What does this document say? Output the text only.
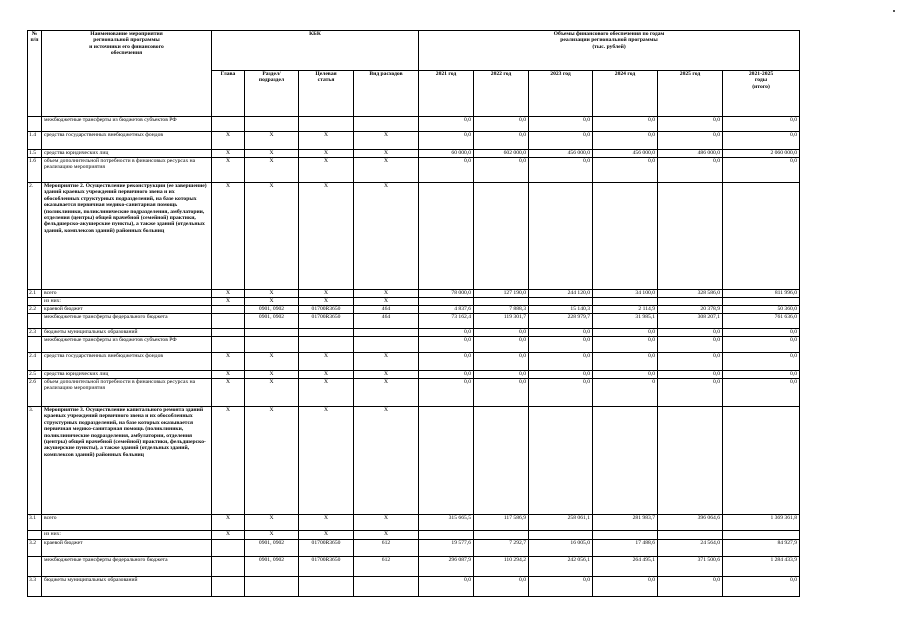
№
п/п	Наименование мероприятия
региональной программы
и источники его финансового
обеспечения	КБК				Объемы финансового обеспечения по годам
реализации региональной программы
(тыс. рублей)					
		Глава	Раздел/
подраздел	Целевая
статья	Вид расходов	2021 год	2022 год	2023 год	2024 год	2025 год	2021-2025
годы
(итого)
	межбюджетные трансферты из бюджетов субъектов РФ					0,0	0,0	0,0	0,0	0,0	0,0
1.4	средства государственных внебюджетных фондов	X	X	X	X	0,0	0,0	0,0	0,0	0,0	0,0
1.5	средства юридических лиц	X	X	X	X	60 000,0	602 000,0	456 000,0	456 000,0	486 000,0	2 060 000,0
1.6	объем дополнительной потребности в финансовых ресурсах на реализацию мероприятия	X	X	X	X	0,0	0,0	0,0	0,0	0,0	0,0
2.	Мероприятие 2. Осуществление реконструкции (ее завершение) зданий краевых учреждений первичного звена и их обособленных структурных подразделений, на базе которых оказывается первичная медико-санитарная помощь (поликлиники, поликлинические подразделения, амбулатории, отделения (центры) общей врачебной (семейной) практики, фельдшерско-акушерские пункты), а также зданий (отдельных зданий, комплексов зданий) районных больниц	X	X	X	X						
2.1	всего	X	X	X	X	78 000,0	127 190,0	244 120,0	34 100,0	328 586,0	811 996,0
	из них:	X	X	X	X						
2.2	краевой бюджет		0901, 0902	01700R3650	464	4 837,6	7 888,3	15 140,3	2 114,9	20 378,9	50 360,0
	межбюджетные трансферты федерального бюджета		0901, 0902	01700R3650	464	73 162,4	119 301,7	228 979,7	31 985,1	308 207,1	761 636,0
2.3	бюджеты муниципальных образований					0,0	0,0	0,0	0,0	0,0	0,0
	межбюджетные трансферты из бюджетов субъектов РФ					0,0	0,0	0,0	0,0	0,0	0,0
2.4	средства государственных внебюджетных фондов	X	X	X	X	0,0	0,0	0,0	0,0	0,0	0,0
2.5	средства юридических лиц	X	X	X	X	0,0	0,0	0,0	0,0	0,0	0,0
2.6	объем дополнительной потребности в финансовых ресурсах на реализацию мероприятия	X	X	X	X	0,0	0,0	0,0	0	0,0	0,0
3.	Мероприятие 3. Осуществление капитального ремонта зданий краевых учреждений первичного звена и их обособленных структурных подразделений, на базе которых оказывается первичная медико-санитарная помощь (поликлиники, поликлинические подразделения, амбулатории, отделения (центры) общей врачебной (семейной) практики, фельдшерско-акушерские пункты), а также зданий (отдельных зданий, комплексов зданий) районных больниц	X	X	X	X						
3.1	всего	X	X	X	X	315 665,5	117 586,9	258 061,1	281 983,7	396 064,6	1 369 361,8
	из них:	X	X	X	X						
3.2	краевой бюджет		0901, 0902	01700R3650	612	19 577,6	7 292,7	16 005,0	17 488,6	24 564,0	84 927,9
	межбюджетные трансферты федерального бюджета		0901, 0902	01700R3650	612	296 087,9	110 294,2	242 056,1	264 495,1	371 500,6	1 284 433,9
3.3	бюджеты муниципальных образований					0,0	0,0	0,0	0,0	0,0	0,0
